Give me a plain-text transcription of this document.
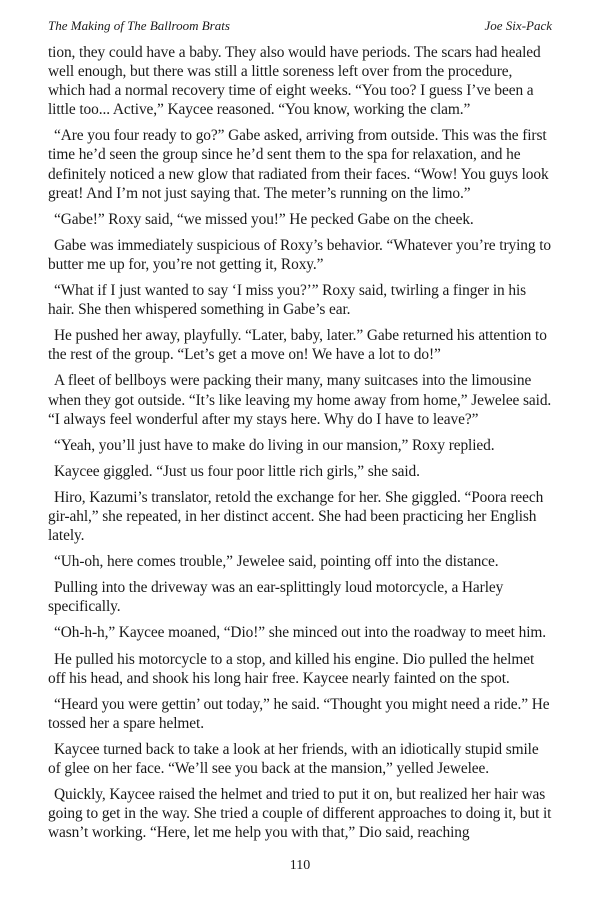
The Making of The Ballroom Brats	Joe Six-Pack

tion, they could have a baby. They also would have periods. The scars had healed well enough, but there was still a little soreness left over from the procedure, which had a normal recovery time of eight weeks. “You too? I guess I’ve been a little too... Active,” Kaycee reasoned. “You know, working the clam.”

“Are you four ready to go?” Gabe asked, arriving from outside. This was the first time he’d seen the group since he’d sent them to the spa for relaxation, and he definitely noticed a new glow that radiated from their faces. “Wow! You guys look great! And I’m not just saying that. The meter’s running on the limo.”

“Gabe!” Roxy said, “we missed you!” He pecked Gabe on the cheek.

Gabe was immediately suspicious of Roxy’s behavior. “Whatever you’re trying to butter me up for, you’re not getting it, Roxy.”

“What if I just wanted to say ‘I miss you?’” Roxy said, twirling a finger in his hair. She then whispered something in Gabe’s ear.

He pushed her away, playfully. “Later, baby, later.” Gabe returned his attention to the rest of the group. “Let’s get a move on! We have a lot to do!”

A fleet of bellboys were packing their many, many suitcases into the limousine when they got outside. “It’s like leaving my home away from home,” Jewelee said. “I always feel wonderful after my stays here. Why do I have to leave?”

“Yeah, you’ll just have to make do living in our mansion,” Roxy replied.

Kaycee giggled. “Just us four poor little rich girls,” she said.

Hiro, Kazumi’s translator, retold the exchange for her. She giggled. “Poora reech gir-ahl,” she repeated, in her distinct accent. She had been practicing her English lately.

“Uh-oh, here comes trouble,” Jewelee said, pointing off into the distance.

Pulling into the driveway was an ear-splittingly loud motorcycle, a Harley specifically.

“Oh-h-h,” Kaycee moaned, “Dio!” she minced out into the roadway to meet him.

He pulled his motorcycle to a stop, and killed his engine. Dio pulled the helmet off his head, and shook his long hair free. Kaycee nearly fainted on the spot.

“Heard you were gettin’ out today,” he said. “Thought you might need a ride.” He tossed her a spare helmet.

Kaycee turned back to take a look at her friends, with an idiotically stupid smile of glee on her face. “We’ll see you back at the mansion,” yelled Jewelee.

Quickly, Kaycee raised the helmet and tried to put it on, but realized her hair was going to get in the way. She tried a couple of different approaches to doing it, but it wasn’t working. “Here, let me help you with that,” Dio said, reaching

110
